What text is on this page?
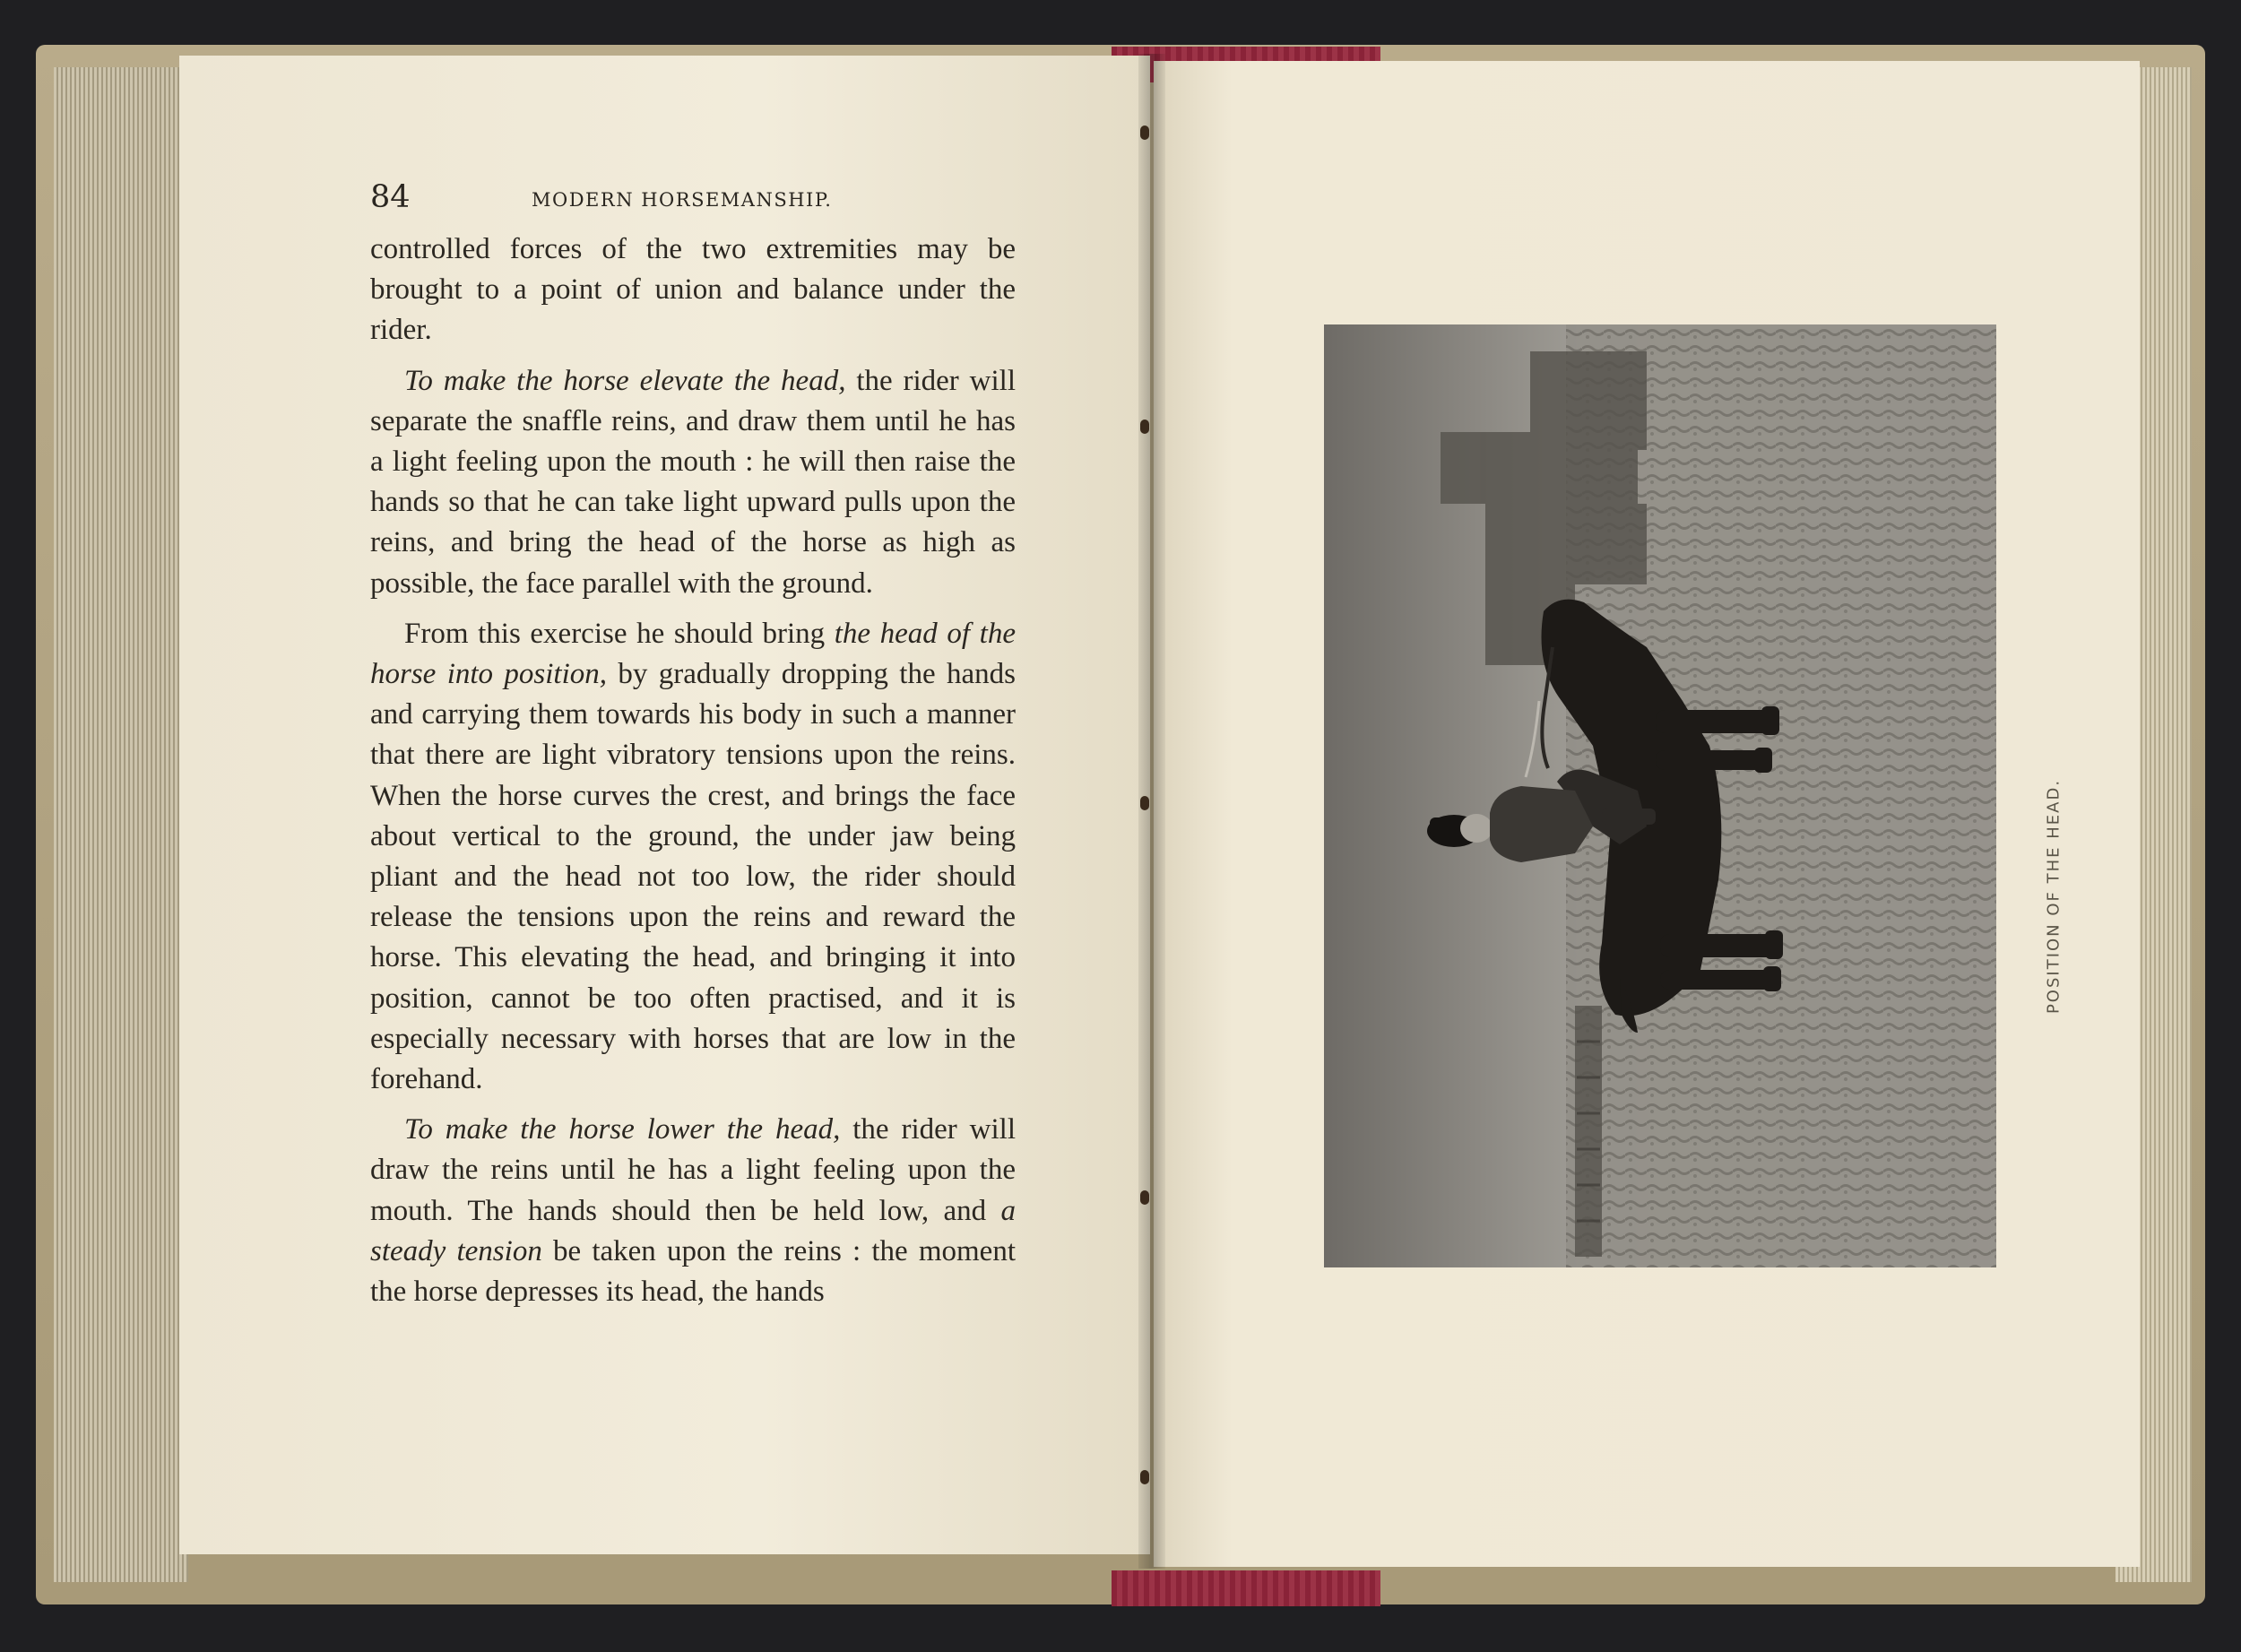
84	MODERN HORSEMANSHIP.

controlled forces of the two extremities may be brought to a point of union and balance under the rider.

To make the horse elevate the head, the rider will separate the snaffle reins, and draw them until he has a light feeling upon the mouth : he will then raise the hands so that he can take light upward pulls upon the reins, and bring the head of the horse as high as possible, the face parallel with the ground.

From this exercise he should bring the head of the horse into position, by gradually dropping the hands and carrying them towards his body in such a manner that there are light vibratory tensions upon the reins. When the horse curves the crest, and brings the face about vertical to the ground, the under jaw being pliant and the head not too low, the rider should release the tensions upon the reins and reward the horse. This elevating the head, and bringing it into position, cannot be too often practised, and it is especially necessary with horses that are low in the forehand.

To make the horse lower the head, the rider will draw the reins until he has a light feeling upon the mouth. The hands should then be held low, and a steady tension be taken upon the reins : the moment the horse depresses its head, the hands

POSITION OF THE HEAD.
